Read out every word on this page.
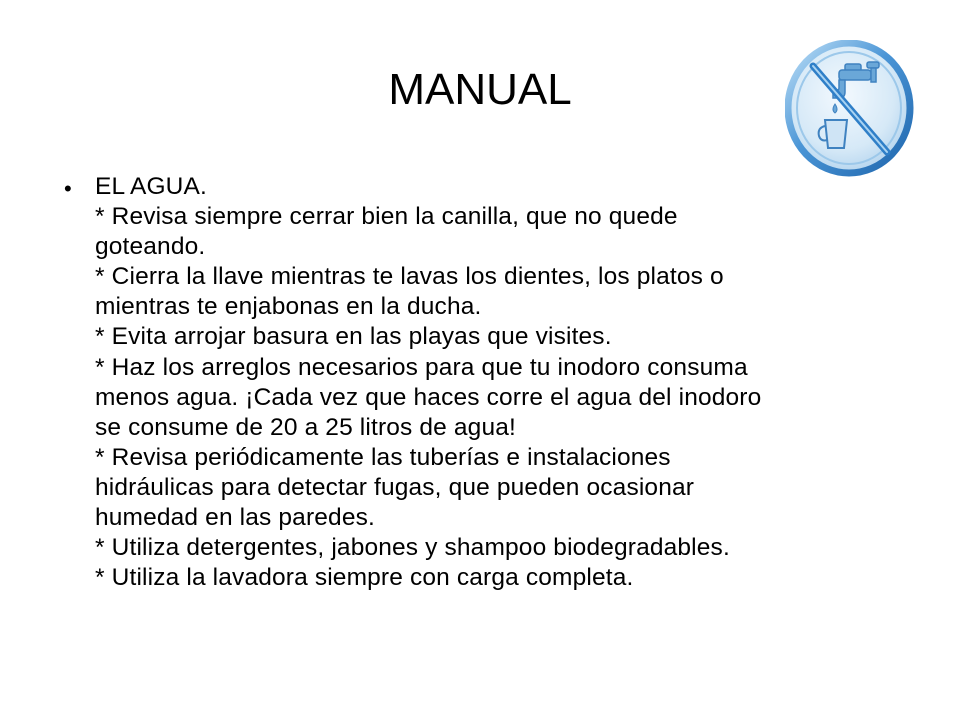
MANUAL
• EL AGUA.
* Revisa siempre cerrar bien la canilla, que no quede
goteando.
* Cierra la llave mientras te lavas los dientes, los platos o
mientras te enjabonas en la ducha.
* Evita arrojar basura en las playas que visites.
* Haz los arreglos necesarios para que tu inodoro consuma
menos agua. ¡Cada vez que haces corre el agua del inodoro
se consume de 20 a 25 litros de agua!
* Revisa periódicamente las tuberías e instalaciones
hidráulicas para detectar fugas, que pueden ocasionar
humedad en las paredes.
* Utiliza detergentes, jabones y shampoo biodegradables.
* Utiliza la lavadora siempre con carga completa.
